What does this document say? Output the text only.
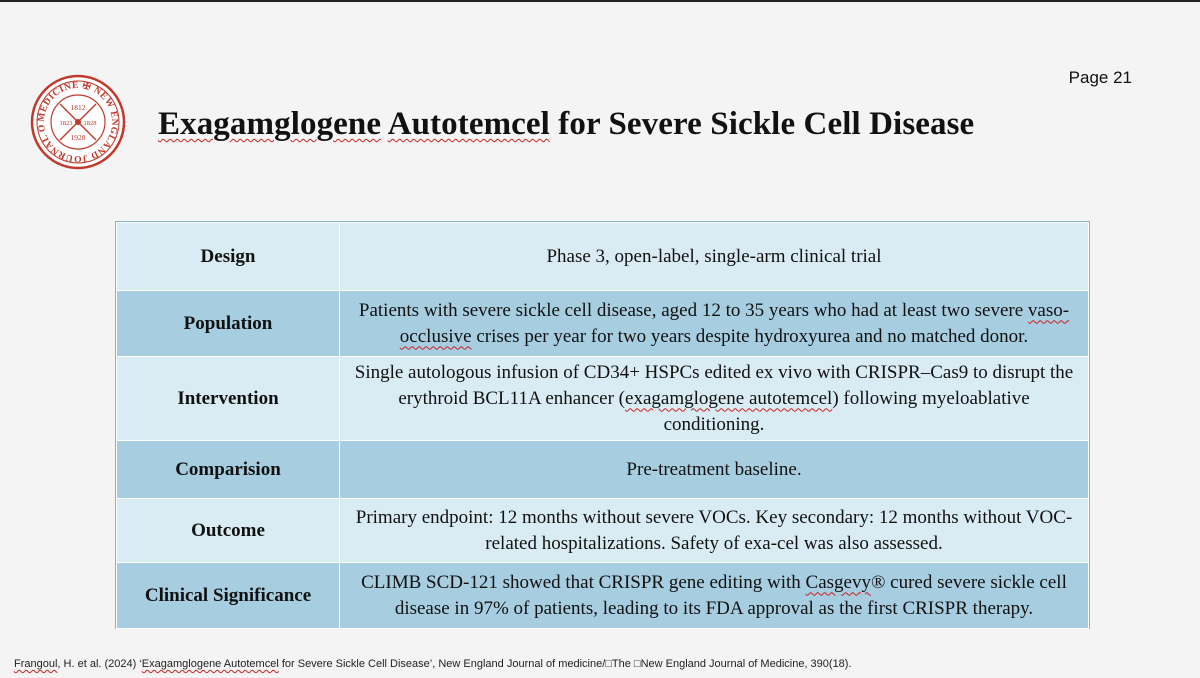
MEDICINE ✠ NEW ENGLAND JOURNAL O
1812
1823 1828
1928
Page 21
Exagamglogene Autotemcel for Severe Sickle Cell Disease
Design	Phase 3, open-label, single-arm clinical trial
Population	Patients with severe sickle cell disease, aged 12 to 35 years who had at least two severe vaso-occlusive crises per year for two years despite hydroxyurea and no matched donor.
Intervention	Single autologous infusion of CD34+ HSPCs edited ex vivo with CRISPR–Cas9 to disrupt the erythroid BCL11A enhancer (exagamglogene autotemcel) following myeloablative conditioning.
Comparision	Pre-treatment baseline.
Outcome	Primary endpoint: 12 months without severe VOCs. Key secondary: 12 months without VOC-related hospitalizations. Safety of exa-cel was also assessed.
Clinical Significance	CLIMB SCD-121 showed that CRISPR gene editing with Casgevy® cured severe sickle cell disease in 97% of patients, leading to its FDA approval as the first CRISPR therapy.
Frangoul, H. et al. (2024) ‘Exagamglogene Autotemcel for Severe Sickle Cell Disease’, New England Journal of medicine/□The □New England Journal of Medicine, 390(18).
